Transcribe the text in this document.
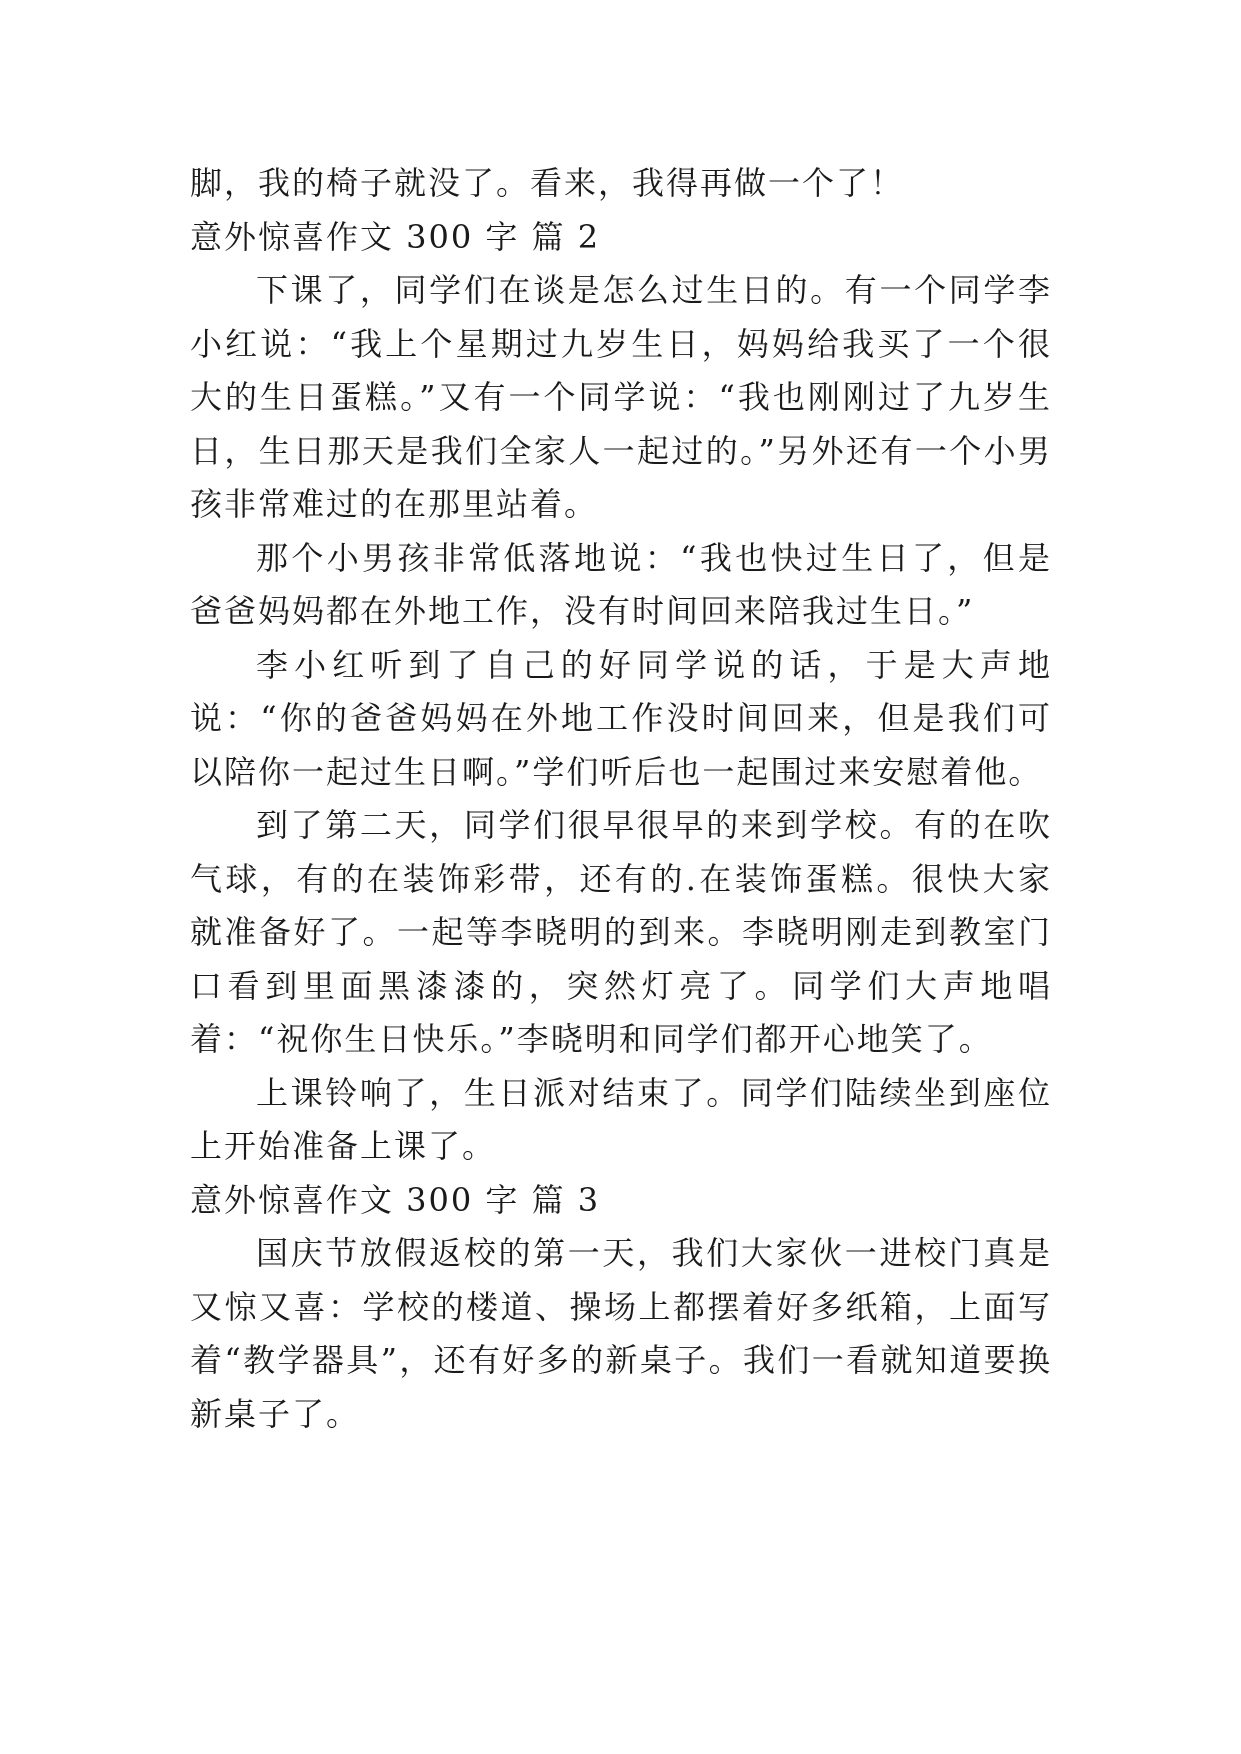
脚，我的椅子就没了。看来，我得再做一个了！

意外惊喜作文 300 字 篇 2

下课了，同学们在谈是怎么过生日的。有一个同学李小红说：“我上个星期过九岁生日，妈妈给我买了一个很大的生日蛋糕。”又有一个同学说：“我也刚刚过了九岁生日，生日那天是我们全家人一起过的。”另外还有一个小男孩非常难过的在那里站着。

那个小男孩非常低落地说：“我也快过生日了，但是爸爸妈妈都在外地工作，没有时间回来陪我过生日。”

李小红听到了自己的好同学说的话，于是大声地说：“你的爸爸妈妈在外地工作没时间回来，但是我们可以陪你一起过生日啊。”学们听后也一起围过来安慰着他。

到了第二天，同学们很早很早的来到学校。有的在吹气球，有的在装饰彩带，还有的.在装饰蛋糕。很快大家就准备好了。一起等李晓明的到来。李晓明刚走到教室门口看到里面黑漆漆的，突然灯亮了。同学们大声地唱着：“祝你生日快乐。”李晓明和同学们都开心地笑了。

上课铃响了，生日派对结束了。同学们陆续坐到座位上开始准备上课了。

意外惊喜作文 300 字 篇 3

国庆节放假返校的第一天，我们大家伙一进校门真是又惊又喜：学校的楼道、操场上都摆着好多纸箱，上面写着“教学器具”，还有好多的新桌子。我们一看就知道要换新桌子了。
